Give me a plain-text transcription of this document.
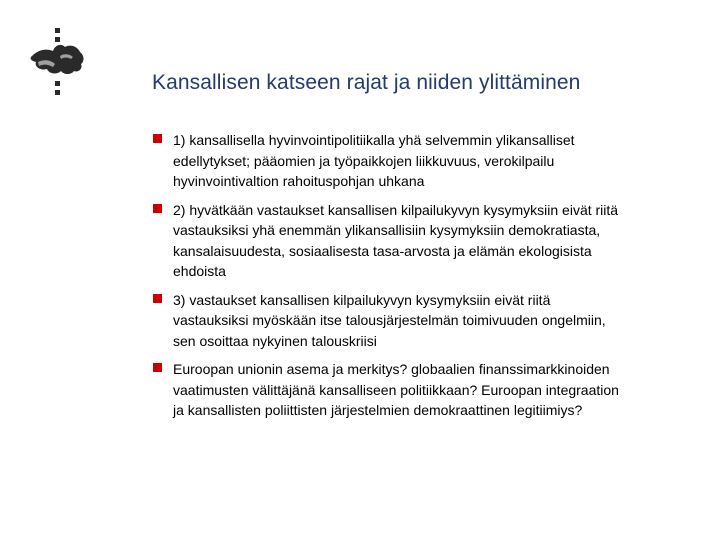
Kansallisen katseen rajat ja niiden ylittäminen
1) kansallisella hyvinvointipolitiikalla yhä selvemmin ylikansalliset
edellytykset; pääomien ja työpaikkojen liikkuvuus, verokilpailu
hyvinvointivaltion rahoituspohjan uhkana
2) hyvätkään vastaukset kansallisen kilpailukyvyn kysymyksiin eivät riitä
vastauksiksi yhä enemmän ylikansallisiin kysymyksiin demokratiasta,
kansalaisuudesta, sosiaalisesta tasa-arvosta ja elämän ekologisista
ehdoista
3) vastaukset kansallisen kilpailukyvyn kysymyksiin eivät riitä
vastauksiksi myöskään itse talousjärjestelmän toimivuuden ongelmiin,
sen osoittaa nykyinen talouskriisi
Euroopan unionin asema ja merkitys? globaalien finanssimarkkinoiden
vaatimusten välittäjänä kansalliseen politiikkaan? Euroopan integraation
ja kansallisten poliittisten järjestelmien demokraattinen legitiimiys?
